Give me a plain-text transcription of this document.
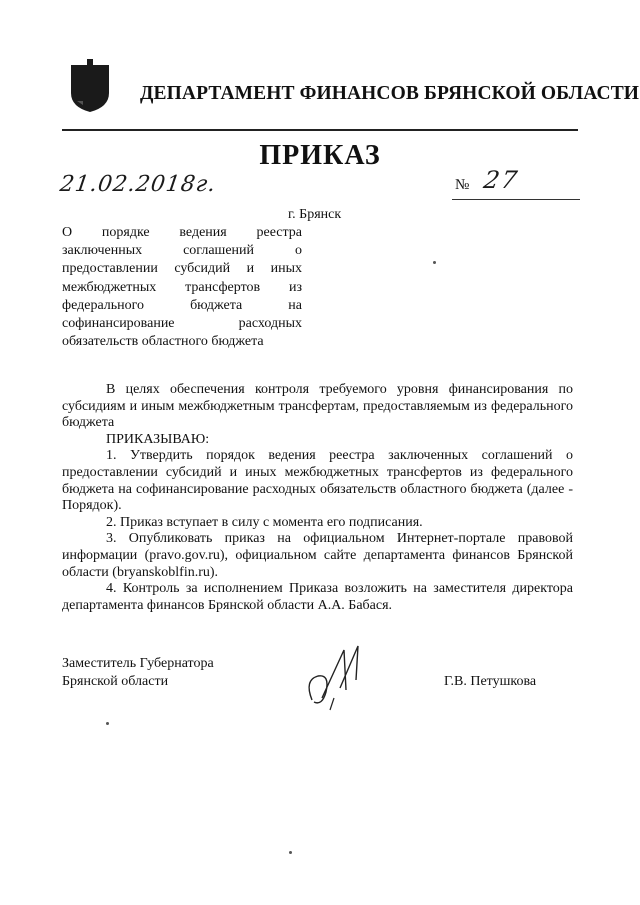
ДЕПАРТАМЕНТ ФИНАНСОВ БРЯНСКОЙ ОБЛАСТИ
ПРИКАЗ
21.02.2018г.	№ 27
г. Брянск
О порядке ведения реестра заключенных соглашений о предоставлении субсидий и иных межбюджетных трансфертов из федерального бюджета на софинансирование расходных обязательств областного бюджета

В целях обеспечения контроля требуемого уровня финансирования по субсидиям и иным межбюджетным трансфертам, предоставляемым из федерального бюджета

ПРИКАЗЫВАЮ:

1. Утвердить порядок ведения реестра заключенных соглашений о предоставлении субсидий и иных межбюджетных трансфертов из федерального бюджета на софинансирование расходных обязательств областного бюджета (далее - Порядок).

2. Приказ вступает в силу с момента его подписания.

3. Опубликовать приказ на официальном Интернет-портале правовой информации (pravo.gov.ru), официальном сайте департамента финансов Брянской области (bryanskoblfin.ru).

4. Контроль за исполнением Приказа возложить на заместителя директора департамента финансов Брянской области А.А. Бабася.

Заместитель Губернатора
Брянской области	Г.В. Петушкова
